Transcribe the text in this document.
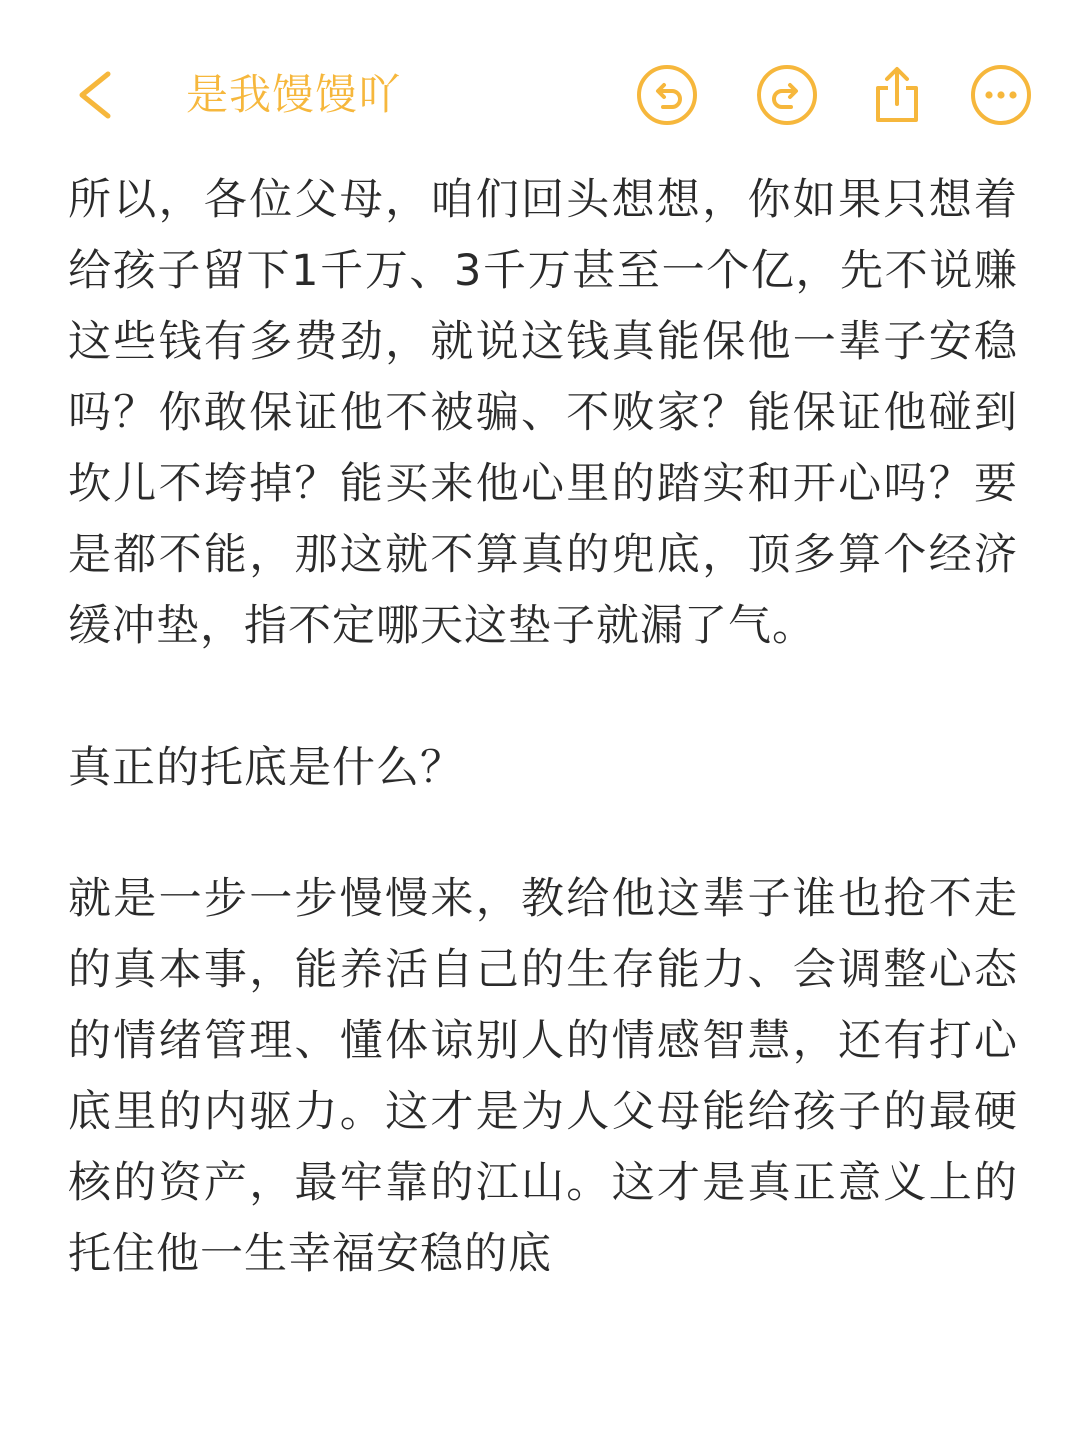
是我馒馒吖

所以，各位父母，咱们回头想想，你如果只想着给孩子留下1千万、3千万甚至一个亿，先不说赚这些钱有多费劲，就说这钱真能保他一辈子安稳吗？你敢保证他不被骗、不败家？能保证他碰到坎儿不垮掉？能买来他心里的踏实和开心吗？要是都不能，那这就不算真的兜底，顶多算个经济缓冲垫，指不定哪天这垫子就漏了气。

真正的托底是什么？

就是一步一步慢慢来，教给他这辈子谁也抢不走的真本事，能养活自己的生存能力、会调整心态的情绪管理、懂体谅别人的情感智慧，还有打心底里的内驱力。这才是为人父母能给孩子的最硬核的资产，最牢靠的江山。这才是真正意义上的托住他一生幸福安稳的底
